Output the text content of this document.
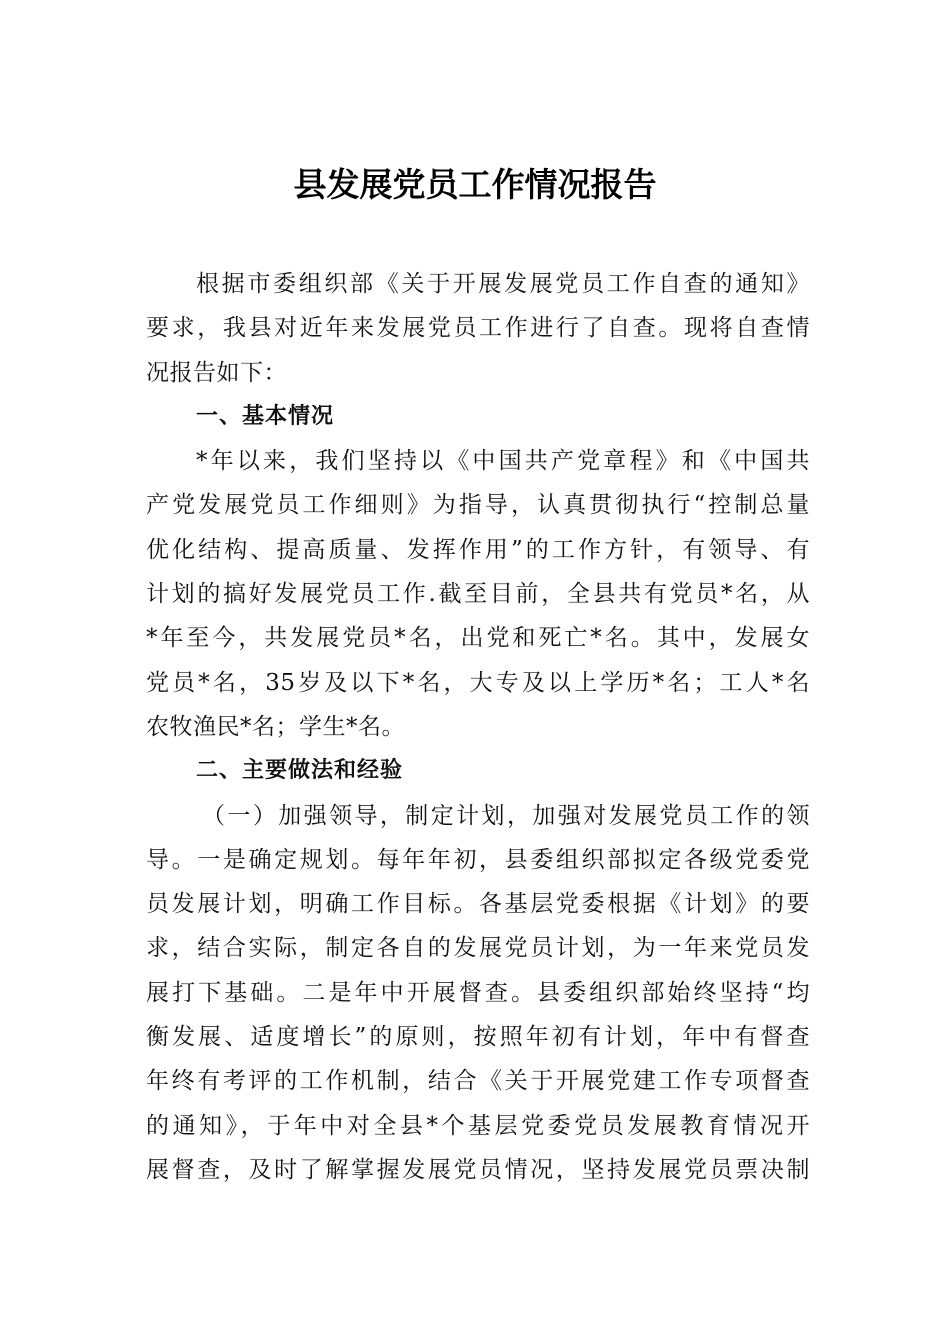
县发展党员工作情况报告
根据市委组织部《关于开展发展党员工作自查的通知》
要求，我县对近年来发展党员工作进行了自查。现将自查情
况报告如下：
一、基本情况
*年以来，我们坚持以《中国共产党章程》和《中国共
产党发展党员工作细则》为指导，认真贯彻执行“控制总量
优化结构、提高质量、发挥作用”的工作方针，有领导、有
计划的搞好发展党员工作.截至目前，全县共有党员*名，从
*年至今，共发展党员*名，出党和死亡*名。其中，发展女
党员*名，35岁及以下*名，大专及以上学历*名；工人*名
农牧渔民*名；学生*名。
二、主要做法和经验
（一）加强领导，制定计划，加强对发展党员工作的领
导。一是确定规划。每年年初，县委组织部拟定各级党委党
员发展计划，明确工作目标。各基层党委根据《计划》的要
求，结合实际，制定各自的发展党员计划，为一年来党员发
展打下基础。二是年中开展督查。县委组织部始终坚持“均
衡发展、适度增长”的原则，按照年初有计划，年中有督查
年终有考评的工作机制，结合《关于开展党建工作专项督查
的通知》，于年中对全县*个基层党委党员发展教育情况开
展督查，及时了解掌握发展党员情况，坚持发展党员票决制
